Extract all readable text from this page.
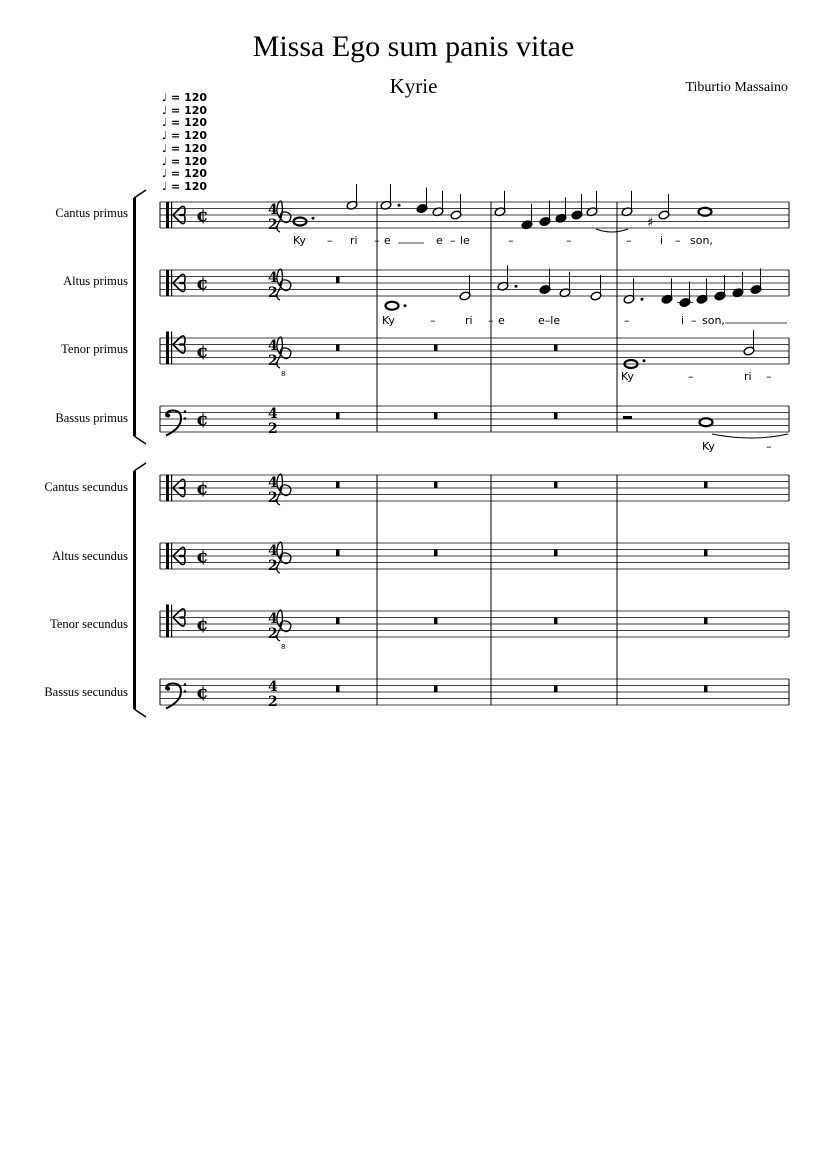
Missa Ego sum panis vitae
Kyrie	Tiburtio Massaino
♩ = 120
♩ = 120
♩ = 120
♩ = 120
♩ = 120
♩ = 120
♩ = 120
♩ = 120
Cantus primus
Altus primus
Tenor primus
Bassus primus
Cantus secundus
Altus secundus
Tenor secundus
Bassus secundus
¢	4
2
¢	4
2
¢	4
2
8
¢	4
2
¢	4
2
¢	4
2
¢	4
2
8
¢	4
2
♯
Ky – ri – e	e – le	–	–	–	i – son,
Ky	–	ri – e	e–le	–	i – son,
Ky	–	ri –
Ky	–
